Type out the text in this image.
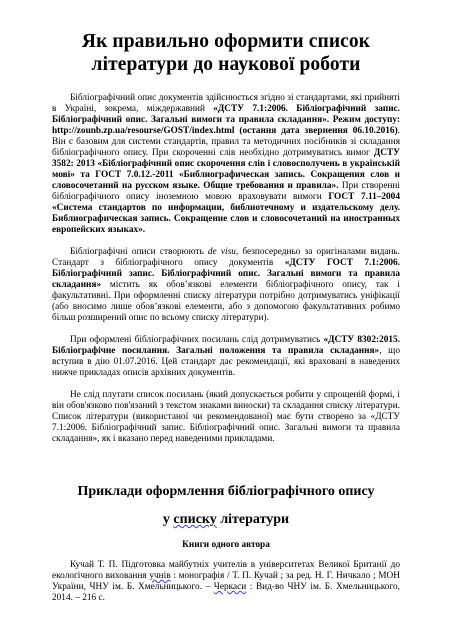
Як правильно оформити список
літератури до наукової роботи

Бібліографічний опис документів здійснюється згідно зі стандартами, які прийняті в Україні, зокрема, міждержавний «ДСТУ 7.1:2006. Бібліографічний запис. Бібліографічний опис. Загальні вимоги та правила складання». Режим доступу: http://zounb.zp.ua/resourse/GOST/index.html (остання дата звернення 06.10.2016). Він є базовим для системи стандартів, правил та методичних посібників зі складання бібліографічного опису. При скороченні слів необхідно дотримуватись вимог ДСТУ 3582: 2013 «Бібліографічний опис скорочення слів і словосполучень в українській мові» та ГОСТ 7.0.12.-2011 «Библиографическая запись. Сокращения слов и словосочетаний на русском языке. Общие требования и правила». При створенні бібліографічного опису іноземною мовою враховувати вимоги ГОСТ 7.11–2004 «Система стандартов по информации, библиотечному и издательскому делу. Библиографическая запись. Сокращение слов и словосочетаний на иностранных европейских языках».

Бібліографічні описи створюють de visu, безпосередньо за оригіналами видань. Стандарт з бібліографічного опису документів «ДСТУ ГОСТ 7.1:2006. Бібліографічний запис. Бібліографічний опис. Загальні вимоги та правила складання» містить як обов’язкові елементи бібліографічного опису, так і факультативні. При оформленні списку літератури потрібно дотримуватись уніфікації (або вносимо лише обов’язкові елементи, або з допомогою факультативних робимо більш розширений опис по всьому списку літератури).

При оформлені бібліографічних посилань слід дотримуватись «ДСТУ 8302:2015. Бібліографічне посилання. Загальні положення та правила складання», що вступив в дію 01.07.2016. Цей стандарт дає рекомендації, які враховані в наведених нижче прикладах описів архівних документів.

Не слід плутати список посилань (який допускається робити у спрощеній формі, і він обов'язково пов'язаний з текстом знаками виноски) та складання списку літератури. Список літератури (використаної чи рекомендованої) має бути створено за «ДСТУ 7.1:2006. Бібліографічний запис. Бібліографічний опис. Загальні вимоги та правила складання», як і вказано перед наведеними прикладами.

Приклади оформлення бібліографічного опису
у списку літератури
Книги одного автора

Кучай Т. П. Підготовка майбутніх учителів в університетах Великої Британії до екологічного виховання учнів : монографія / Т. П. Кучай ; за ред. Н. Г. Ничкало ; МОН України, ЧНУ ім. Б. Хмельницького. – Черкаси : Вид-во ЧНУ ім. Б. Хмельницького, 2014. – 216 с.
